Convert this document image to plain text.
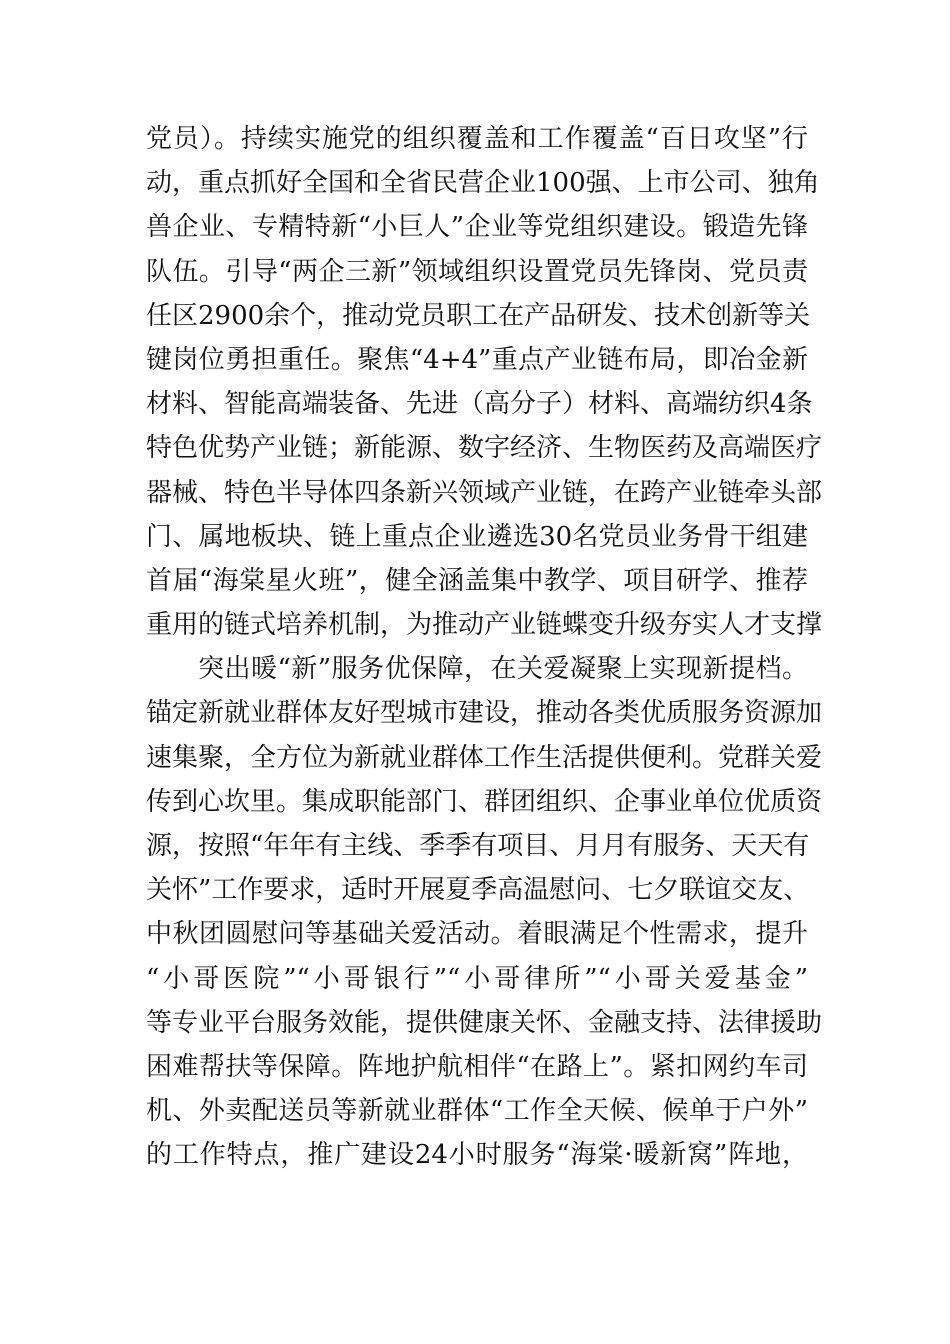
党员）。持续实施党的组织覆盖和工作覆盖“百日攻坚”行
动，重点抓好全国和全省民营企业100强、上市公司、独角
兽企业、专精特新“小巨人”企业等党组织建设。锻造先锋
队伍。引导“两企三新”领域组织设置党员先锋岗、党员责
任区2900余个，推动党员职工在产品研发、技术创新等关
键岗位勇担重任。聚焦“4+4”重点产业链布局，即冶金新
材料、智能高端装备、先进（高分子）材料、高端纺织4条
特色优势产业链；新能源、数字经济、生物医药及高端医疗
器械、特色半导体四条新兴领域产业链，在跨产业链牵头部
门、属地板块、链上重点企业遴选30名党员业务骨干组建
首届“海棠星火班”，健全涵盖集中教学、项目研学、推荐
重用的链式培养机制，为推动产业链蝶变升级夯实人才支撑
突出暖“新”服务优保障，在关爱凝聚上实现新提档。
锚定新就业群体友好型城市建设，推动各类优质服务资源加
速集聚，全方位为新就业群体工作生活提供便利。党群关爱
传到心坎里。集成职能部门、群团组织、企事业单位优质资
源，按照“年年有主线、季季有项目、月月有服务、天天有
关怀”工作要求，适时开展夏季高温慰问、七夕联谊交友、
中秋团圆慰问等基础关爱活动。着眼满足个性需求，提升
“小哥医院”“小哥银行”“小哥律所”“小哥关爱基金”
等专业平台服务效能，提供健康关怀、金融支持、法律援助
困难帮扶等保障。阵地护航相伴“在路上”。紧扣网约车司
机、外卖配送员等新就业群体“工作全天候、候单于户外”
的工作特点，推广建设24小时服务“海棠·暖新窝”阵地，
